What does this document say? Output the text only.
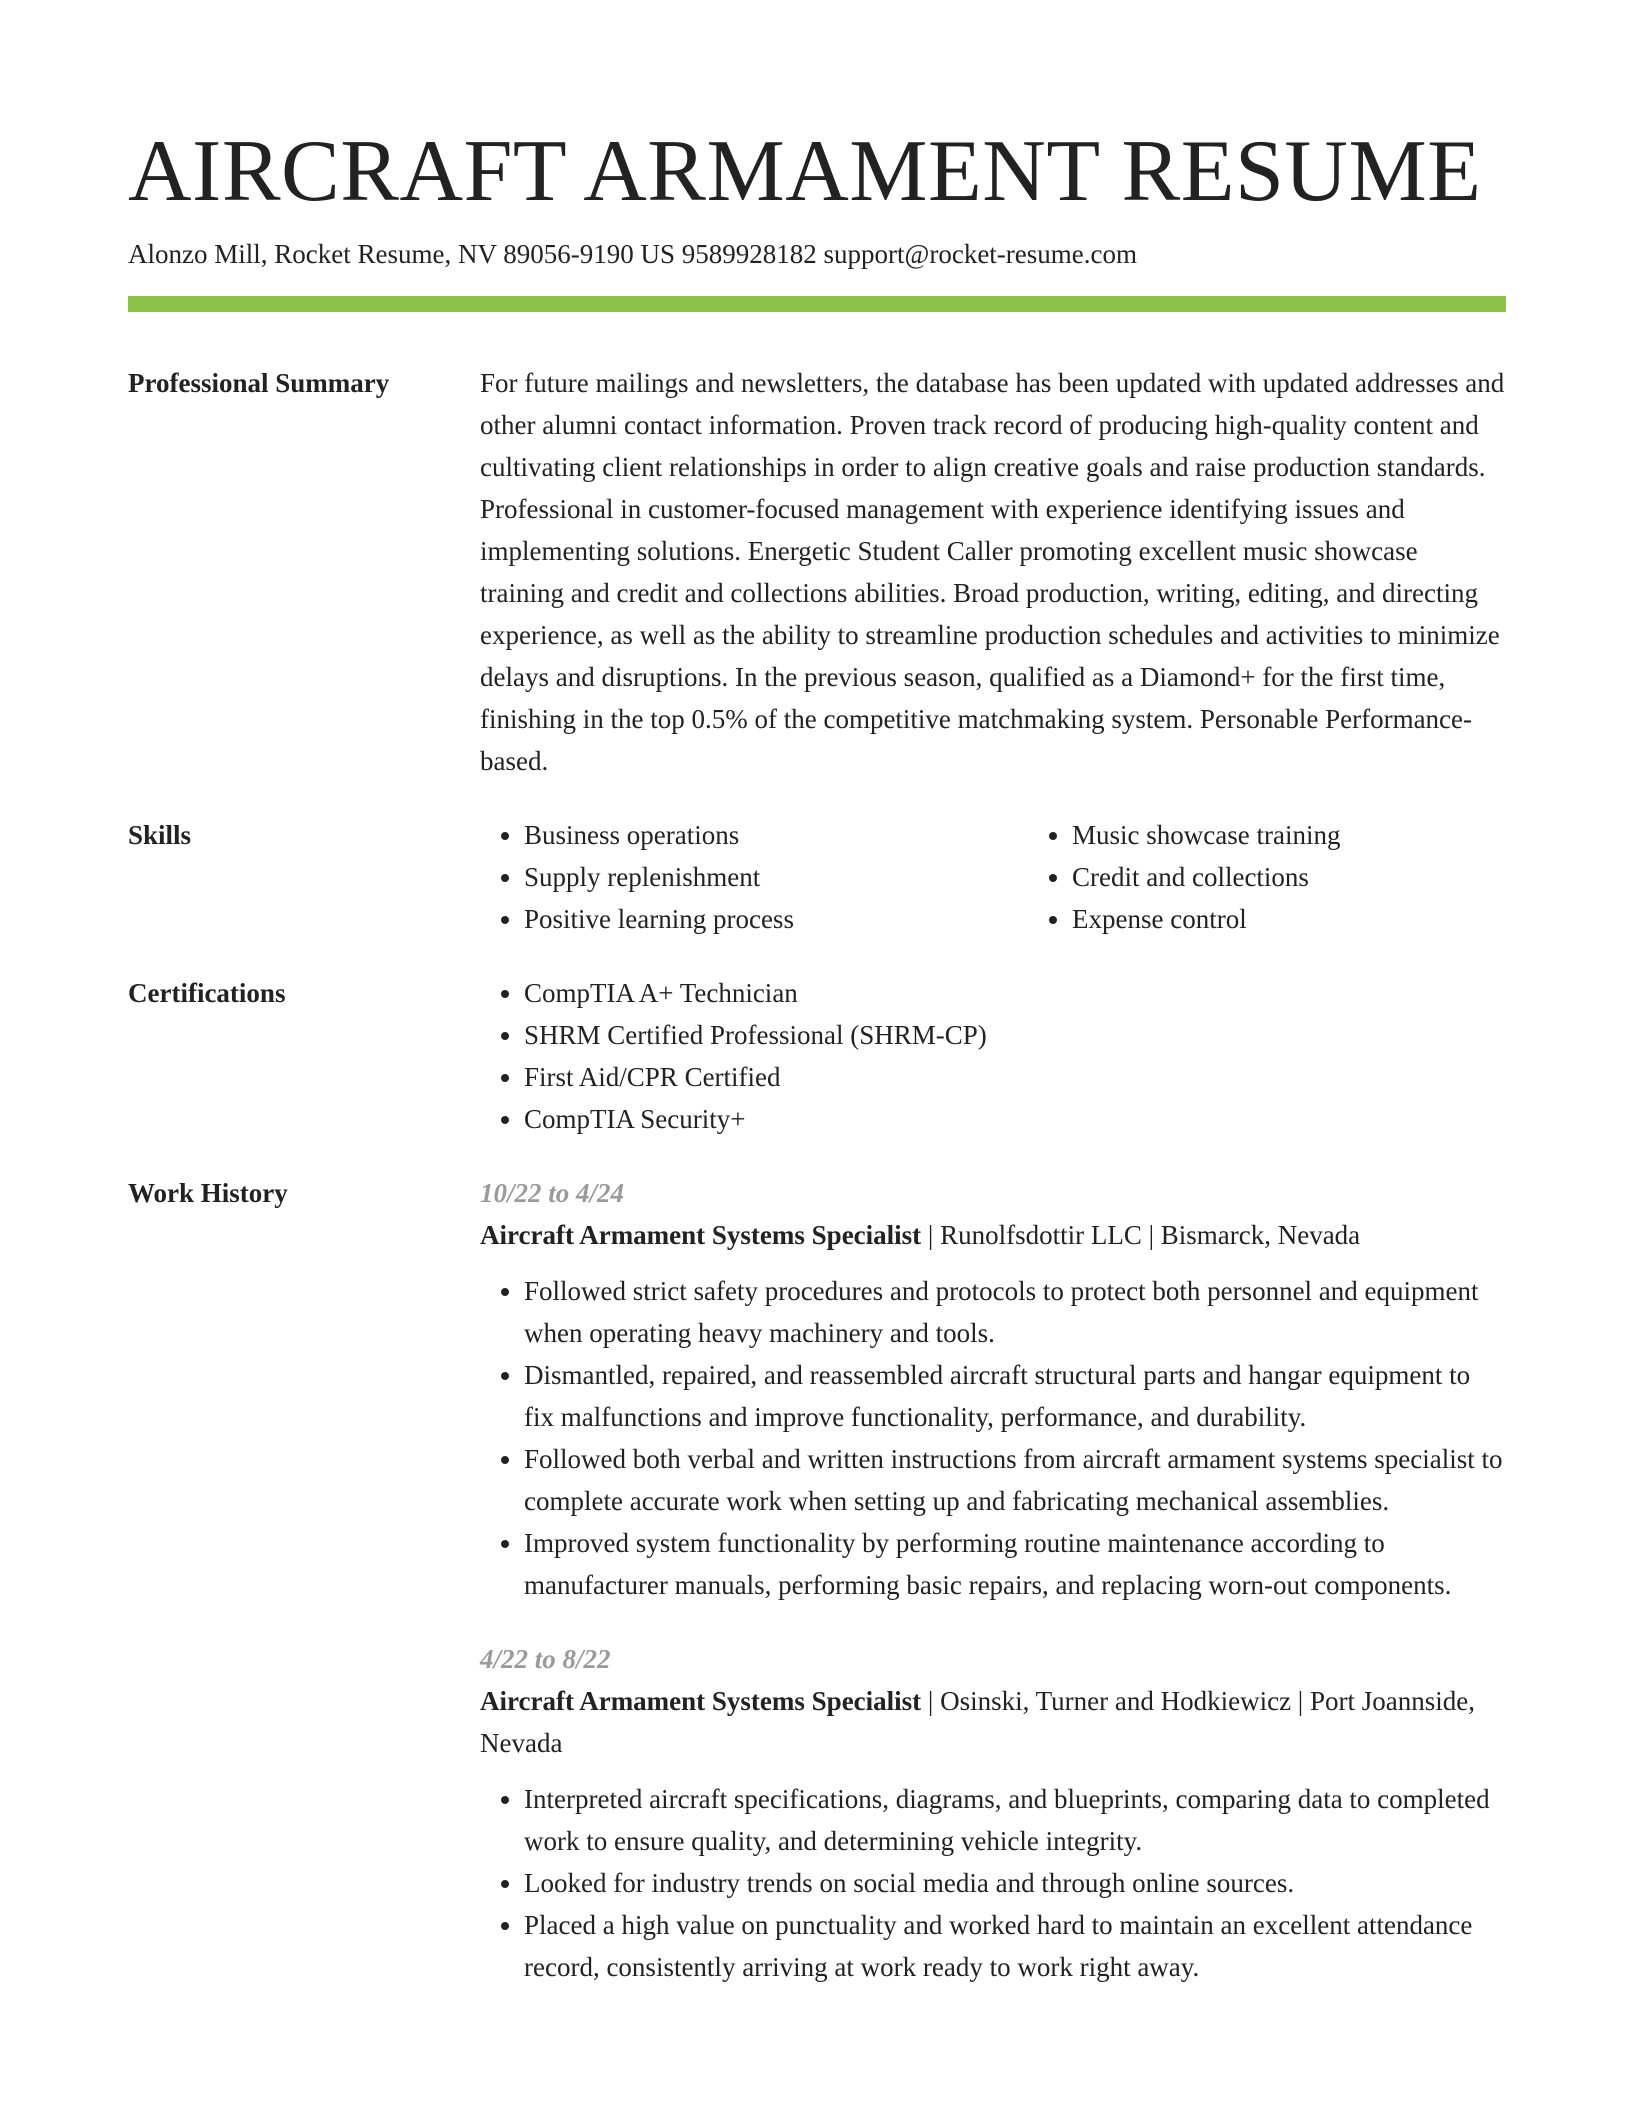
AIRCRAFT ARMAMENT RESUME
Alonzo Mill, Rocket Resume, NV 89056-9190 US 9589928182 support@rocket-resume.com
Professional Summary	For future mailings and newsletters, the database has been updated with updated addresses and other alumni contact information. Proven track record of producing high-quality content and cultivating client relationships in order to align creative goals and raise production standards. Professional in customer-focused management with experience identifying issues and implementing solutions. Energetic Student Caller promoting excellent music showcase training and credit and collections abilities. Broad production, writing, editing, and directing experience, as well as the ability to streamline production schedules and activities to minimize delays and disruptions. In the previous season, qualified as a Diamond+ for the first time, finishing in the top 0.5% of the competitive matchmaking system. Personable Performance-based.
Skills	• Business operations
• Supply replenishment
• Positive learning process
• Music showcase training
• Credit and collections
• Expense control
Certifications	• CompTIA A+ Technician
• SHRM Certified Professional (SHRM-CP)
• First Aid/CPR Certified
• CompTIA Security+
Work History	10/22 to 4/24
Aircraft Armament Systems Specialist | Runolfsdottir LLC | Bismarck, Nevada
• Followed strict safety procedures and protocols to protect both personnel and equipment when operating heavy machinery and tools.
• Dismantled, repaired, and reassembled aircraft structural parts and hangar equipment to fix malfunctions and improve functionality, performance, and durability.
• Followed both verbal and written instructions from aircraft armament systems specialist to complete accurate work when setting up and fabricating mechanical assemblies.
• Improved system functionality by performing routine maintenance according to manufacturer manuals, performing basic repairs, and replacing worn-out components.
4/22 to 8/22
Aircraft Armament Systems Specialist | Osinski, Turner and Hodkiewicz | Port Joannside, Nevada
• Interpreted aircraft specifications, diagrams, and blueprints, comparing data to completed work to ensure quality, and determining vehicle integrity.
• Looked for industry trends on social media and through online sources.
• Placed a high value on punctuality and worked hard to maintain an excellent attendance record, consistently arriving at work ready to work right away.
